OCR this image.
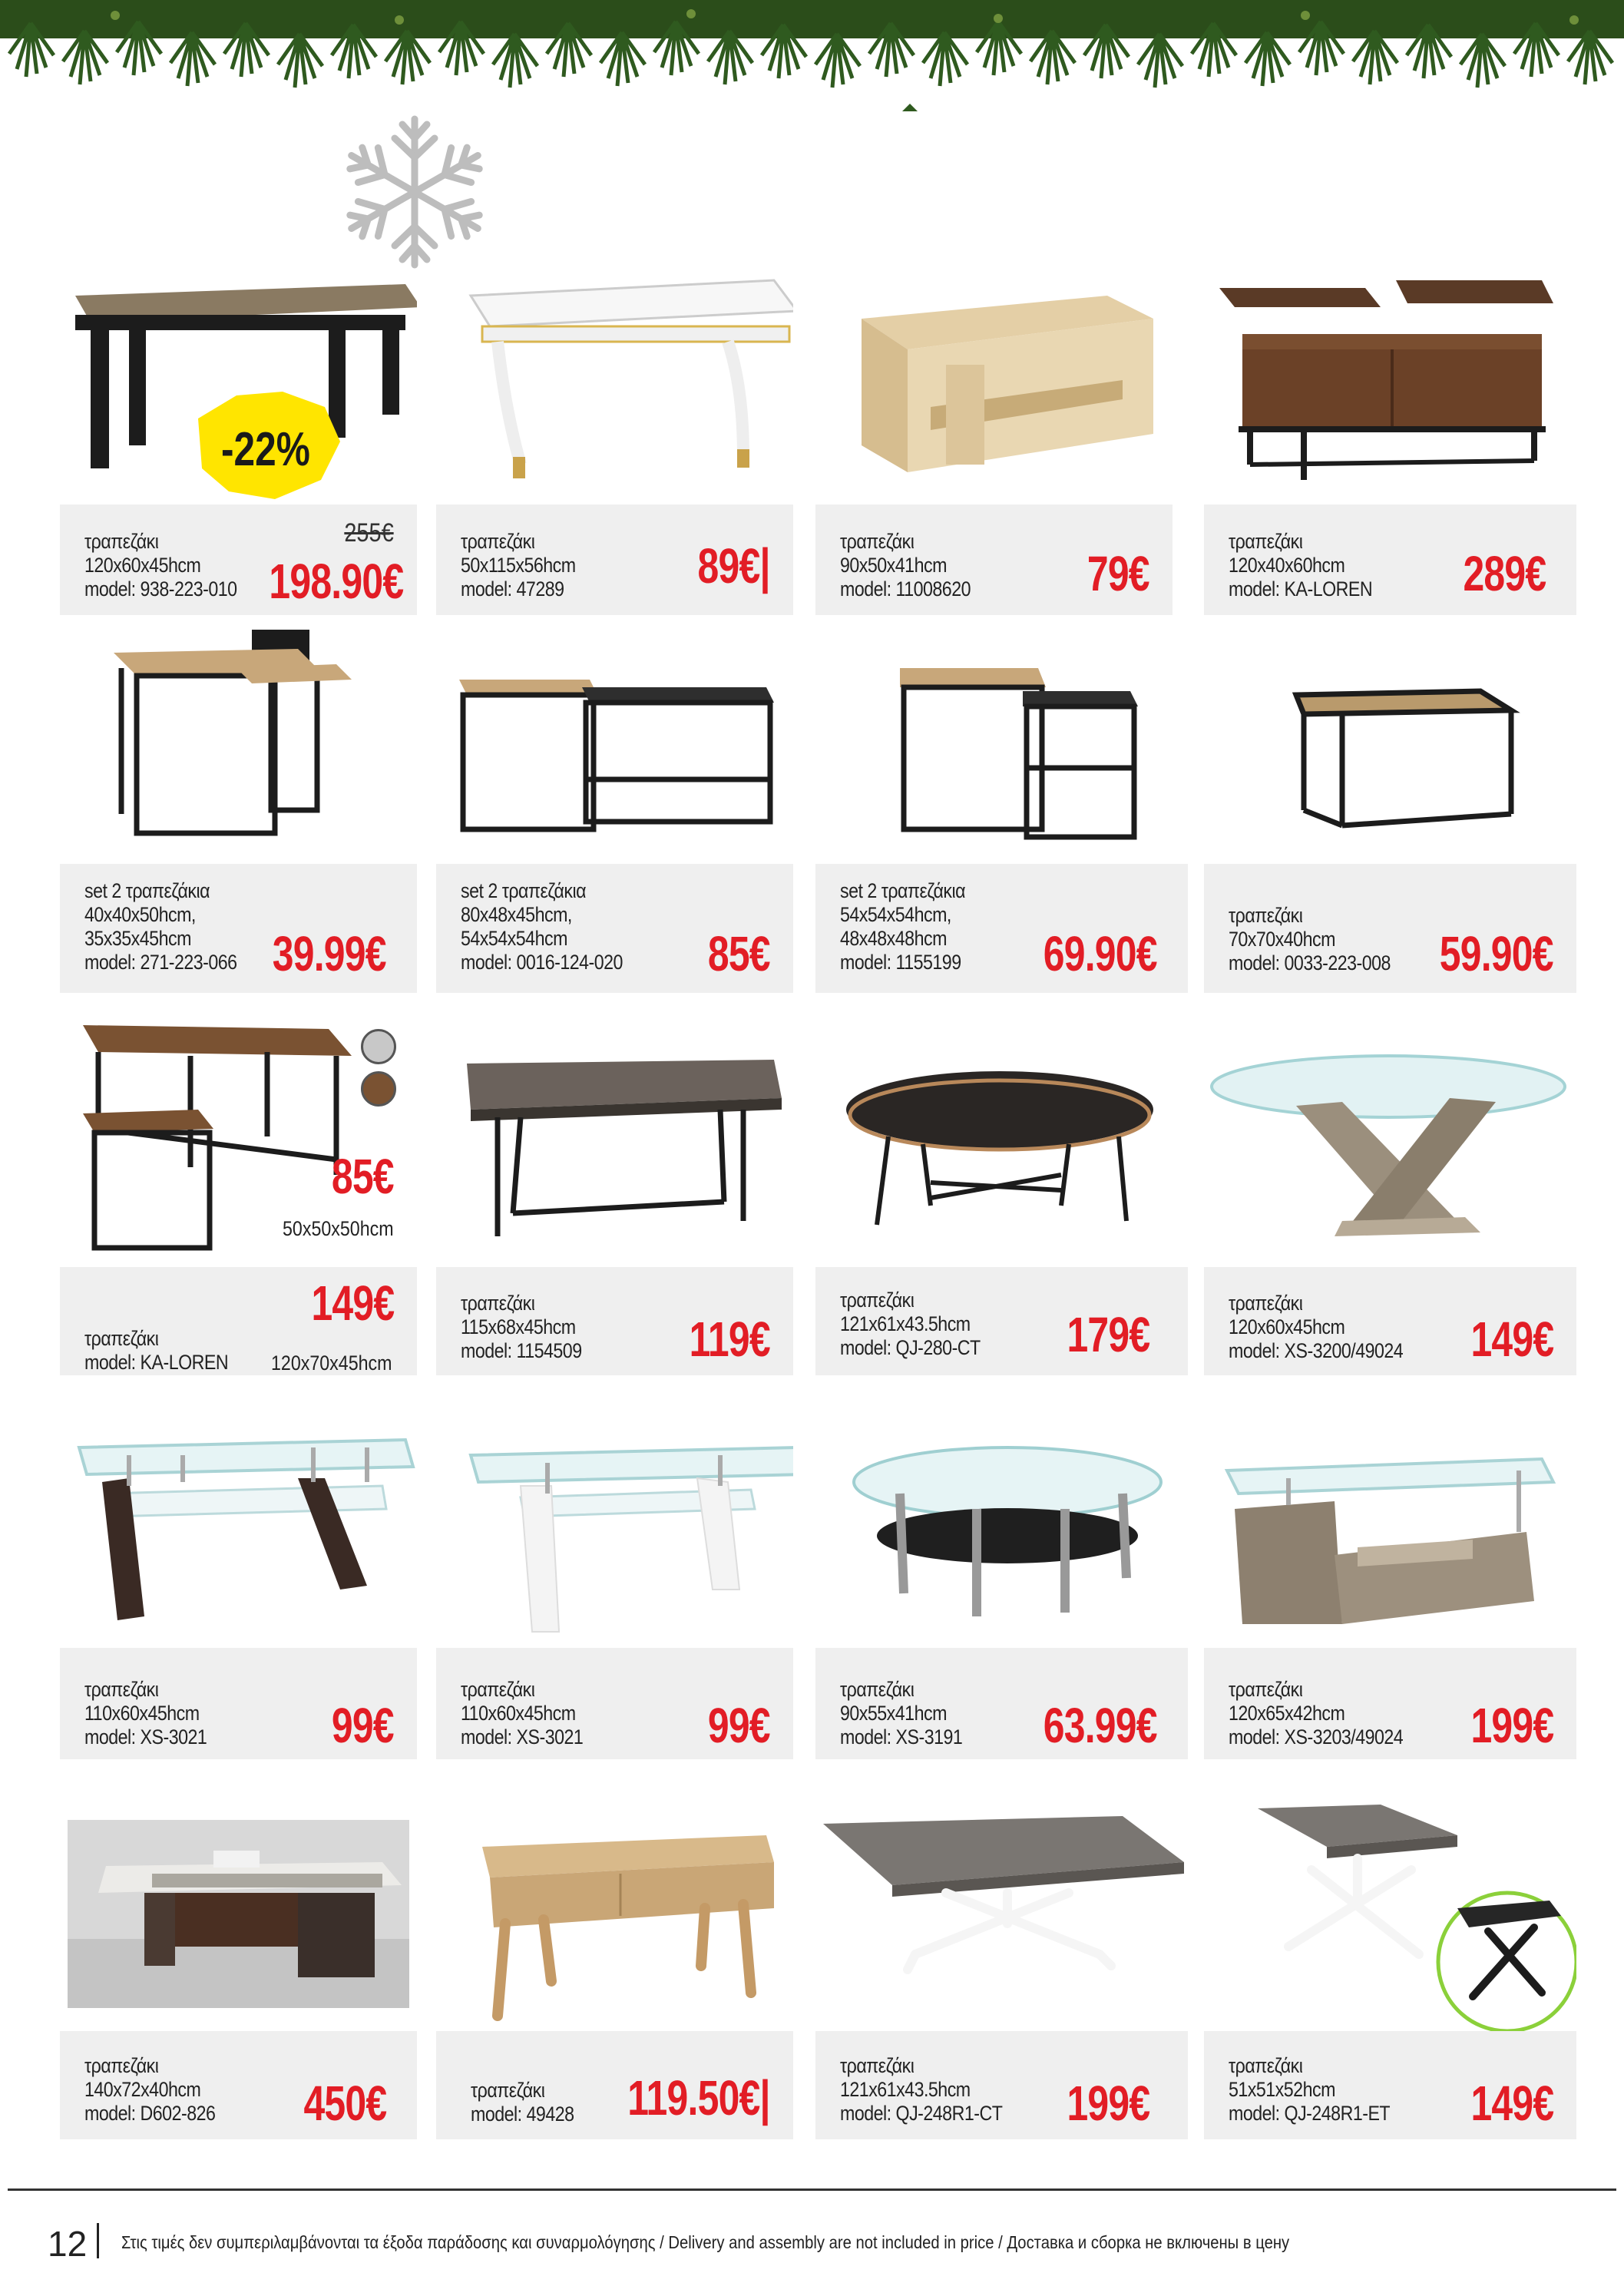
-22%
τραπεζάκι
120x60x45hcm
model: 938-223-010
255€
198.90€
τραπεζάκι
50x115x56hcm
model: 47289	89€|	τραπεζάκι
90x50x41hcm
model: 11008620 79€
τραπεζάκι
120x40x60hcm
model: KA-LOREN 289€
set 2 τραπεζάκια
40x40x50hcm,
35x35x45hcm
model: 271-223-066 39.99€
set 2 τραπεζάκια
80x48x45hcm,
54x54x54hcm
model: 0016-124-020 85€
set 2 τραπεζάκια
54x54x54hcm,
48x48x48hcm
model: 1155199 69.90€
τραπεζάκι
70x70x40hcm
model: 0033-223-008 59.90€
85€
50x50x50hcm
τραπεζάκι
model: KA-LOREN 120x70x45hcm
149€	τραπεζάκι
115x68x45hcm
model: 1154509 119€
τραπεζάκι
121x61x43.5hcm
model: QJ-280-CT 179€
τραπεζάκι
120x60x45hcm
model: XS-3200/49024 149€
τραπεζάκι
110x60x45hcm
model: XS-3021	99€
τραπεζάκι
110x60x45hcm
model: XS-3021	99€
τραπεζάκι
90x55x41hcm
model: XS-3191 63.99€
τραπεζάκι
120x65x42hcm
model: XS-3203/49024 199€
τραπεζάκι
140x72x40hcm
model: D602-826 450€	τραπεζάκι
model: 49428 119.50€|
τραπεζάκι
121x61x43.5hcm
model: QJ-248R1-CT 199€
τραπεζάκι
51x51x52hcm
model: QJ-248R1-ET 149€
12 Στις τιμές δεν συμπεριλαμβάνονται τα έξοδα παράδοσης και συναρμολόγησης / Delivery and assembly are not included in price / Доставка и сборка не включены в цену
